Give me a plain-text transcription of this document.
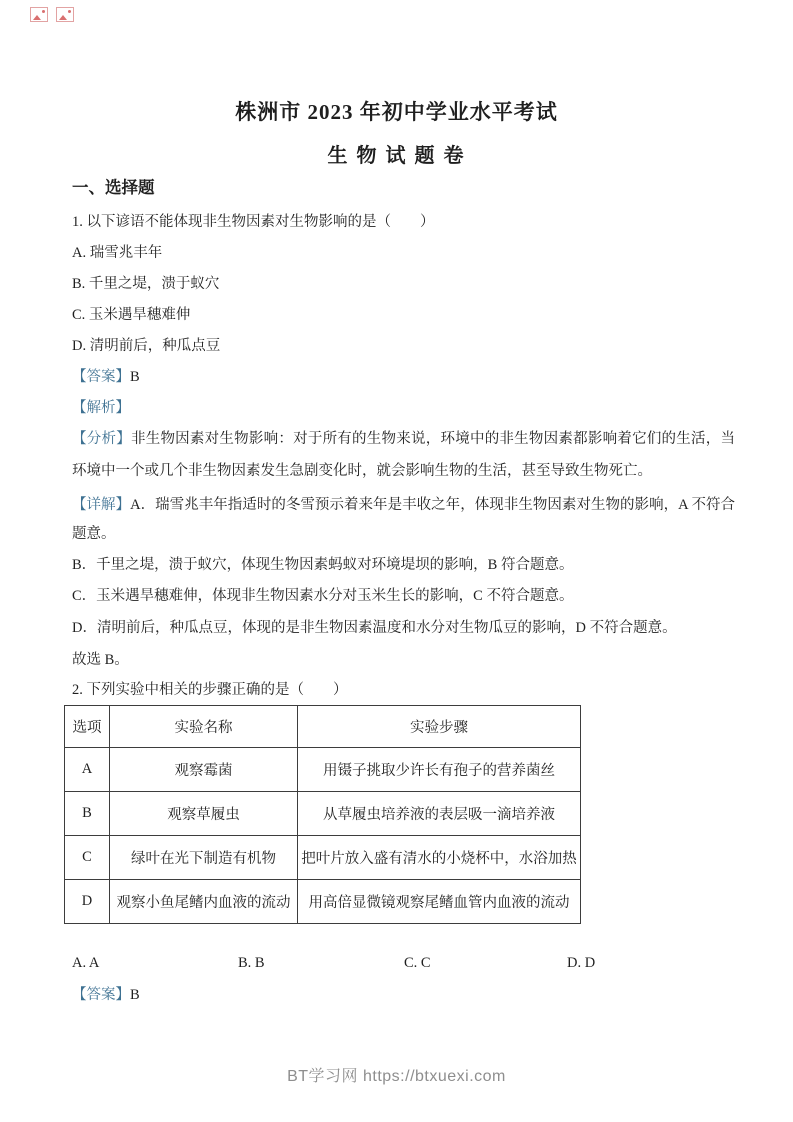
株洲市 2023 年初中学业水平考试
生 物 试 题 卷
一、选择题
1. 以下谚语不能体现非生物因素对生物影响的是（　　）
A. 瑞雪兆丰年
B. 千里之堤，溃于蚁穴
C. 玉米遇旱穗难伸
D. 清明前后，种瓜点豆
【答案】B
【解析】
【分析】非生物因素对生物影响：对于所有的生物来说，环境中的非生物因素都影响着它们的生活，当环境中一个或几个非生物因素发生急剧变化时，就会影响生物的生活，甚至导致生物死亡。
【详解】A．瑞雪兆丰年指适时的冬雪预示着来年是丰收之年，体现非生物因素对生物的影响，A 不符合题意。
B．千里之堤，溃于蚁穴，体现生物因素蚂蚁对环境堤坝的影响，B 符合题意。
C．玉米遇旱穗难伸，体现非生物因素水分对玉米生长的影响，C 不符合题意。
D．清明前后，种瓜点豆，体现的是非生物因素温度和水分对生物瓜豆的影响，D 不符合题意。
故选 B。
2. 下列实验中相关的步骤正确的是（　　）
选项	实验名称	实验步骤
A	观察霉菌	用镊子挑取少许长有孢子的营养菌丝
B	观察草履虫	从草履虫培养液的表层吸一滴培养液
C	绿叶在光下制造有机物	把叶片放入盛有清水的小烧杯中，水浴加热
D	观察小鱼尾鳍内血液的流动	用高倍显微镜观察尾鳍血管内血液的流动
A. A	B. B	C. C	D. D
【答案】B
BT学习网 https://btxuexi.com
